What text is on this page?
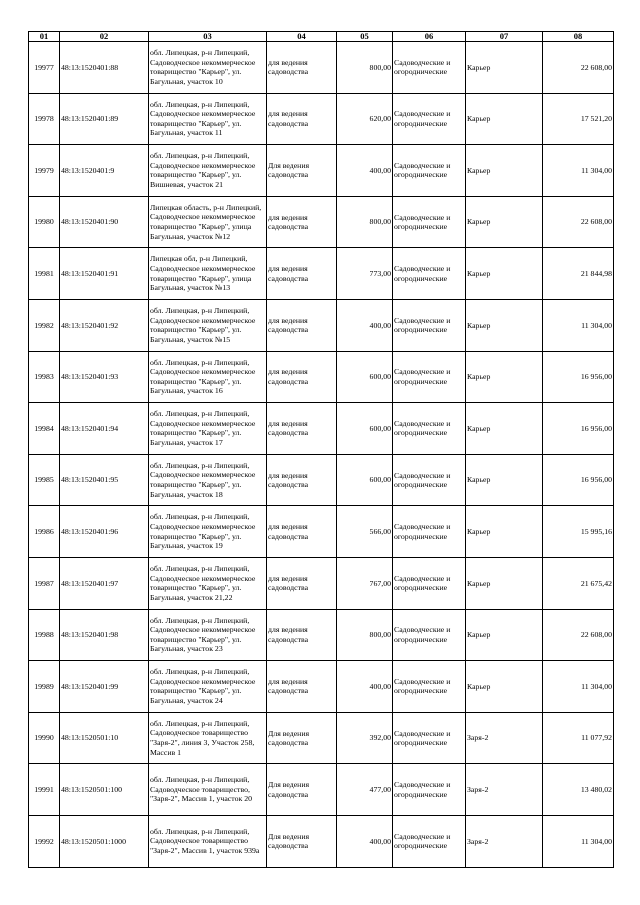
01	02	03	04	05	06	07	08
19977	48:13:1520401:88	обл. Липецкая, р-н Липецкий, Садоводческое некоммерческое товарищество "Карьер", ул. Багульная, участок 10	для ведения садоводства	800,00	Садоводческие и огороднические	Карьер	22 608,00
19978	48:13:1520401:89	обл. Липецкая, р-н Липецкий, Садоводческое некоммерческое товарищество "Карьер", ул. Багульная, участок 11	для ведения садоводства	620,00	Садоводческие и огороднические	Карьер	17 521,20
19979	48:13:1520401:9	обл. Липецкая, р-н Липецкий, Садоводческое некоммерческое товарищество "Карьер", ул. Вишневая, участок 21	Для ведения садоводства	400,00	Садоводческие и огороднические	Карьер	11 304,00
19980	48:13:1520401:90	Липецкая область, р-н Липецкий, Садоводческое некоммерческое товарищество "Карьер", улица Багульная, участок №12	для ведения садоводства	800,00	Садоводческие и огороднические	Карьер	22 608,00
19981	48:13:1520401:91	Липецкая обл, р-н Липецкий, Садоводческое некоммерческое товарищество "Карьер", улица Багульная, участок №13	для ведения садоводства	773,00	Садоводческие и огороднические	Карьер	21 844,98
19982	48:13:1520401:92	обл. Липецкая, р-н Липецкий, Садоводческое некоммерческое товарищество "Карьер", ул. Багульная, участок №15	для ведения садоводства	400,00	Садоводческие и огороднические	Карьер	11 304,00
19983	48:13:1520401:93	обл. Липецкая, р-н Липецкий, Садоводческое некоммерческое товарищество "Карьер", ул. Багульная, участок 16	для ведения садоводства	600,00	Садоводческие и огороднические	Карьер	16 956,00
19984	48:13:1520401:94	обл. Липецкая, р-н Липецкий, Садоводческое некоммерческое товарищество "Карьер", ул. Багульная, участок 17	для ведения садоводства	600,00	Садоводческие и огороднические	Карьер	16 956,00
19985	48:13:1520401:95	обл. Липецкая, р-н Липецкий, Садоводческое некоммерческое товарищество "Карьер", ул. Багульная, участок 18	для ведения садоводства	600,00	Садоводческие и огороднические	Карьер	16 956,00
19986	48:13:1520401:96	обл. Липецкая, р-н Липецкий, Садоводческое некоммерческое товарищество "Карьер", ул. Багульная, участок 19	для ведения садоводства	566,00	Садоводческие и огороднические	Карьер	15 995,16
19987	48:13:1520401:97	обл. Липецкая, р-н Липецкий, Садоводческое некоммерческое товарищество "Карьер", ул. Багульная, участок 21,22	для ведения садоводства	767,00	Садоводческие и огороднические	Карьер	21 675,42
19988	48:13:1520401:98	обл. Липецкая, р-н Липецкий, Садоводческое некоммерческое товарищество "Карьер", ул. Багульная, участок 23	для ведения садоводства	800,00	Садоводческие и огороднические	Карьер	22 608,00
19989	48:13:1520401:99	обл. Липецкая, р-н Липецкий, Садоводческое некоммерческое товарищество "Карьер", ул. Багульная, участок 24	для ведения садоводства	400,00	Садоводческие и огороднические	Карьер	11 304,00
19990	48:13:1520501:10	обл. Липецкая, р-н Липецкий, Садоводческое товарищество "Заря-2", линия 3, Участок 258, Массив 1	Для ведения садоводства	392,00	Садоводческие и огороднические	Заря-2	11 077,92
19991	48:13:1520501:100	обл. Липецкая, р-н Липецкий, Садоводческое товарищество, "Заря-2", Массив 1, участок 20	Для ведения садоводства	477,00	Садоводческие и огороднические	Заря-2	13 480,02
19992	48:13:1520501:1000	обл. Липецкая, р-н Липецкий, Садоводческое товарищество "Заря-2", Массив 1, участок 939а	Для ведения садоводства	400,00	Садоводческие и огороднические	Заря-2	11 304,00
